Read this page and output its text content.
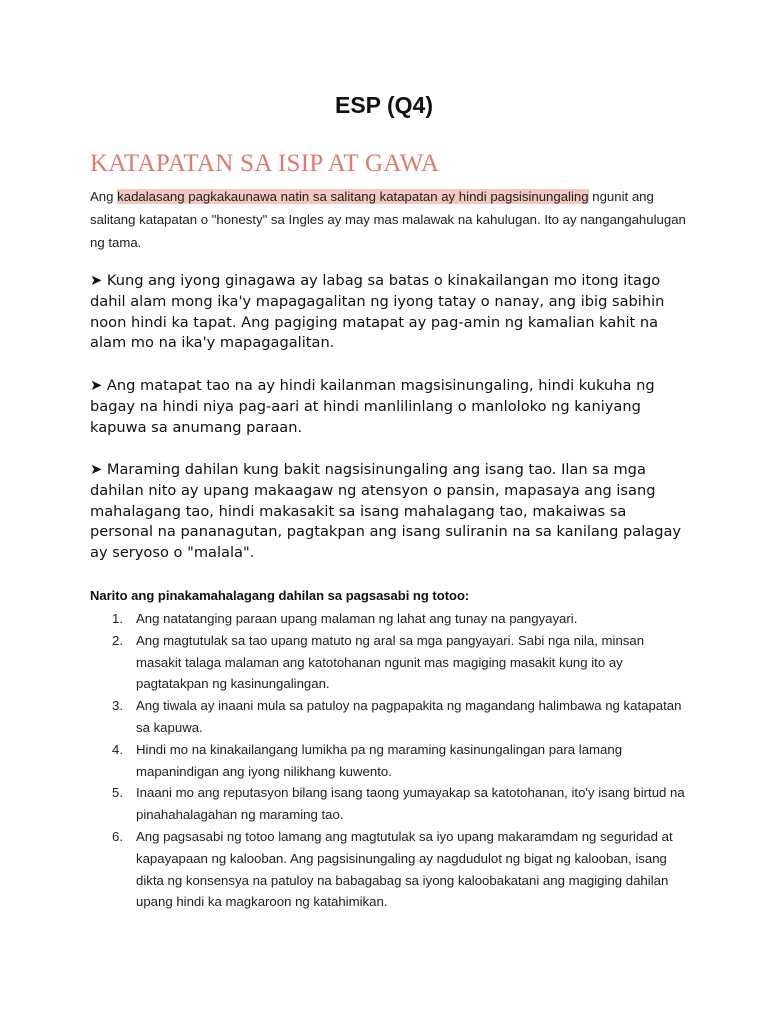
ESP (Q4)
KATAPATAN SA ISIP AT GAWA
Ang kadalasang pagkakaunawa natin sa salitang katapatan ay hindi pagsisinungaling ngunit ang salitang katapatan o "honesty" sa Ingles ay may mas malawak na kahulugan. Ito ay nangangahulugan ng tama.
➤ Kung ang iyong ginagawa ay labag sa batas o kinakailangan mo itong itago dahil alam mong ika'y mapagagalitan ng iyong tatay o nanay, ang ibig sabihin noon hindi ka tapat. Ang pagiging matapat ay pag-amin ng kamalian kahit na alam mo na ika'y mapagagalitan.
➤ Ang matapat tao na ay hindi kailanman magsisinungaling, hindi kukuha ng bagay na hindi niya pag-aari at hindi manlilinlang o manloloko ng kaniyang kapuwa sa anumang paraan.
➤ Maraming dahilan kung bakit nagsisinungaling ang isang tao. Ilan sa mga dahilan nito ay upang makaagaw ng atensyon o pansin, mapasaya ang isang mahalagang tao, hindi makasakit sa isang mahalagang tao, makaiwas sa personal na pananagutan, pagtakpan ang isang suliranin na sa kanilang palagay ay seryoso o "malala".
Narito ang pinakamahalagang dahilan sa pagsasabi ng totoo:
1. Ang natatanging paraan upang malaman ng lahat ang tunay na pangyayari.
2. Ang magtutulak sa tao upang matuto ng aral sa mga pangyayari. Sabi nga nila, minsan masakit talaga malaman ang katotohanan ngunit mas magiging masakit kung ito ay pagtatakpan ng kasinungalingan.
3. Ang tiwala ay inaani mula sa patuloy na pagpapakita ng magandang halimbawa ng katapatan sa kapuwa.
4. Hindi mo na kinakailangang lumikha pa ng maraming kasinungalingan para lamang mapanindigan ang iyong nilikhang kuwento.
5. Inaani mo ang reputasyon bilang isang taong yumayakap sa katotohanan, ito'y isang birtud na pinahahalagahan ng maraming tao.
6. Ang pagsasabi ng totoo lamang ang magtutulak sa iyo upang makaramdam ng seguridad at kapayapaan ng kalooban. Ang pagsisinungaling ay nagdudulot ng bigat ng kalooban, isang dikta ng konsensya na patuloy na babagabag sa iyong kaloobakatani ang magiging dahilan upang hindi ka magkaroon ng katahimikan.
